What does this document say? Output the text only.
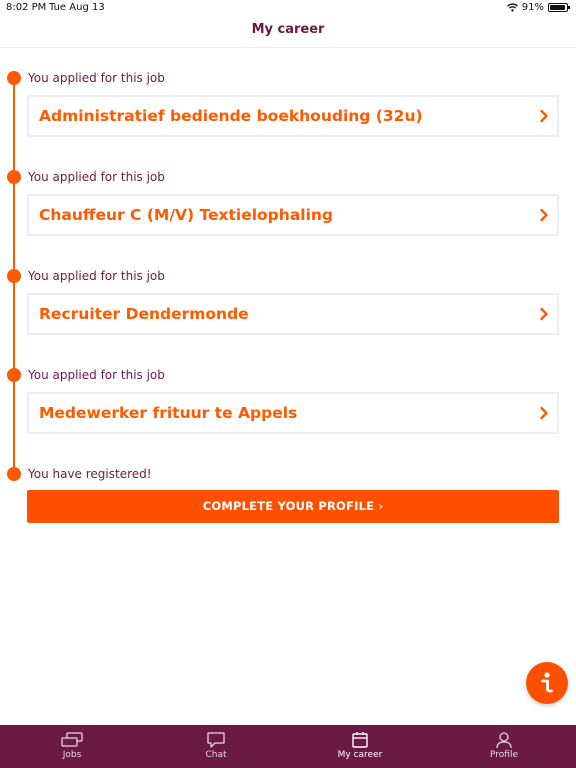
8:02 PM Tue Aug 13	91%
My career
You applied for this job
Administratief bediende boekhouding (32u)
You applied for this job
Chauffeur C (M/V) Textielophaling
You applied for this job
Recruiter Dendermonde
You applied for this job
Medewerker frituur te Appels
You have registered!
COMPLETE YOUR PROFILE ›
Jobs	Chat	My career	Profile
